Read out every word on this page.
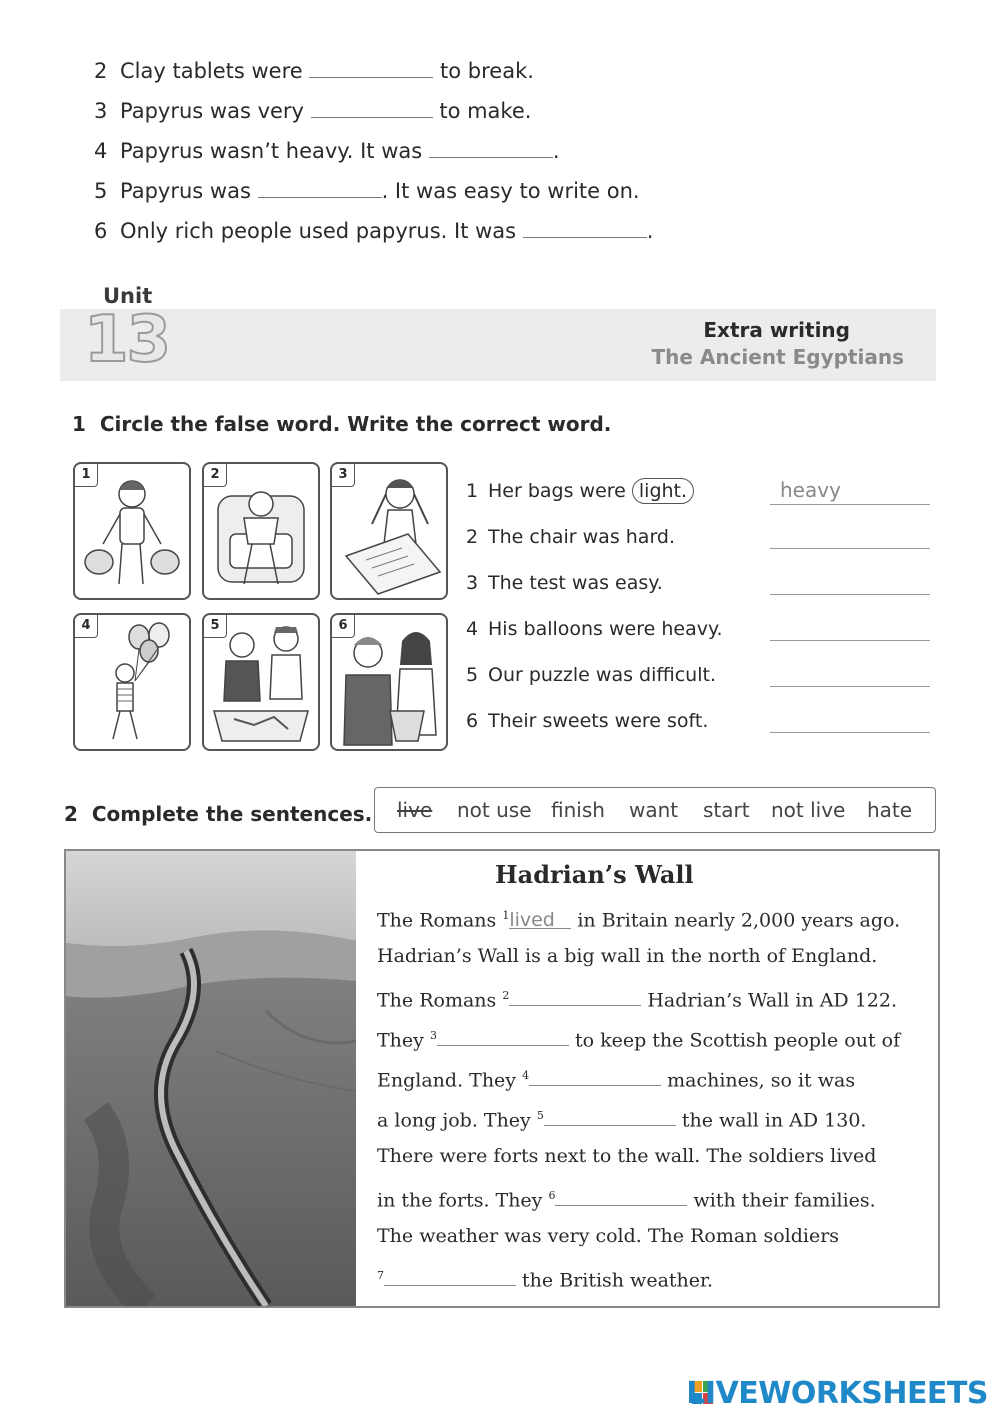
2 Clay tablets were	to break.
3 Papyrus was very	to make.
4 Papyrus wasn’t heavy. It was	.
5 Papyrus was	. It was easy to write on.
6 Only rich people used papyrus. It was	.
Unit
13	Extra writing
The Ancient Egyptians
1 Circle the false word. Write the correct word.
1	2	3
4	5	6
1 Her bags were light.	heavy
2 The chair was hard.
3 The test was easy.
4 His balloons were heavy.
5 Our puzzle was difficult.
6 Their sweets were soft.
2 Complete the sentences. live not use finish want start not live hate
Hadrian’s Wall
The Romans $^1$lived in Britain nearly 2,000 years ago.
Hadrian’s Wall is a big wall in the north of England.
The Romans $^2$	Hadrian’s Wall in AD 122.
They $^3$	to keep the Scottish people out of
England. They $^4$	machines, so it was
a long job. They $^5$	the wall in AD 130.
There were forts next to the wall. The soldiers lived
in the forts. They $^6$	with their families.
The weather was very cold. The Roman soldiers
$^7$	the British weather.
LIVEWORKSHEETS
